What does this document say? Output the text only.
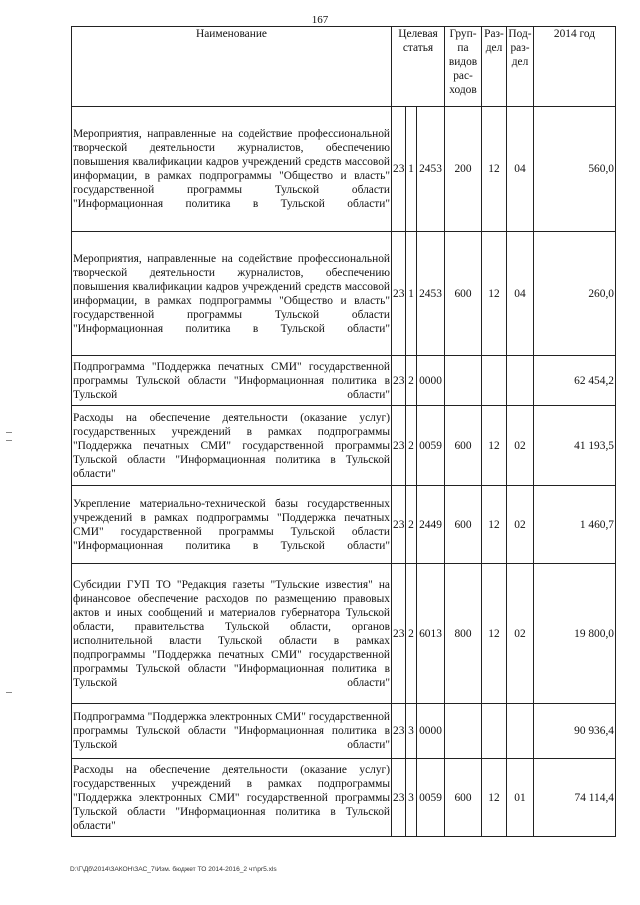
167
Наименование	Целевая статья			Груп-па видов рас-ходов	Раз-дел	Под-раз-дел	2014 год
Мероприятия, направленные на содействие профессиональной творческой деятельности журналистов, обеспечению повышения квалификации кадров учреждений средств массовой информации, в рамках подпрограммы "Общество и власть" государственной программы Тульской области "Информационная политика в Тульской области"	23	1	2453	200	12	04	560,0
Мероприятия, направленные на содействие профессиональной творческой деятельности журналистов, обеспечению повышения квалификации кадров учреждений средств массовой информации, в рамках подпрограммы "Общество и власть" государственной программы Тульской области "Информационная политика в Тульской области"	23	1	2453	600	12	04	260,0
Подпрограмма "Поддержка печатных СМИ" государственной программы Тульской области "Информационная политика в Тульской области"	23	2	0000				62 454,2
Расходы на обеспечение деятельности (оказание услуг) государственных учреждений в рамках подпрограммы "Поддержка печатных СМИ" государственной программы Тульской области "Информационная политика в Тульской области"	23	2	0059	600	12	02	41 193,5
Укрепление материально-технической базы государственных учреждений в рамках подпрограммы "Поддержка печатных СМИ" государственной программы Тульской области "Информационная политика в Тульской области"	23	2	2449	600	12	02	1 460,7
Субсидии ГУП ТО "Редакция газеты "Тульские известия" на финансовое обеспечение расходов по размещению правовых актов и иных сообщений и материалов губернатора Тульской области, правительства Тульской области, органов исполнительной власти Тульской области в рамках подпрограммы "Поддержка печатных СМИ" государственной программы Тульской области "Информационная политика в Тульской области"	23	2	6013	800	12	02	19 800,0
Подпрограмма "Поддержка электронных СМИ" государственной программы Тульской области "Информационная политика в Тульской области"	23	3	0000				90 936,4
Расходы на обеспечение деятельности (оказание услуг) государственных учреждений в рамках подпрограммы "Поддержка электронных СМИ" государственной программы Тульской области "Информационная политика в Тульской области"	23	3	0059	600	12	01	74 114,4
D:\Г\Дб\2014\ЗАКОН\ЗАС_7\Изм. бюджет ТО 2014-2016_2 чт\pr5.xls
